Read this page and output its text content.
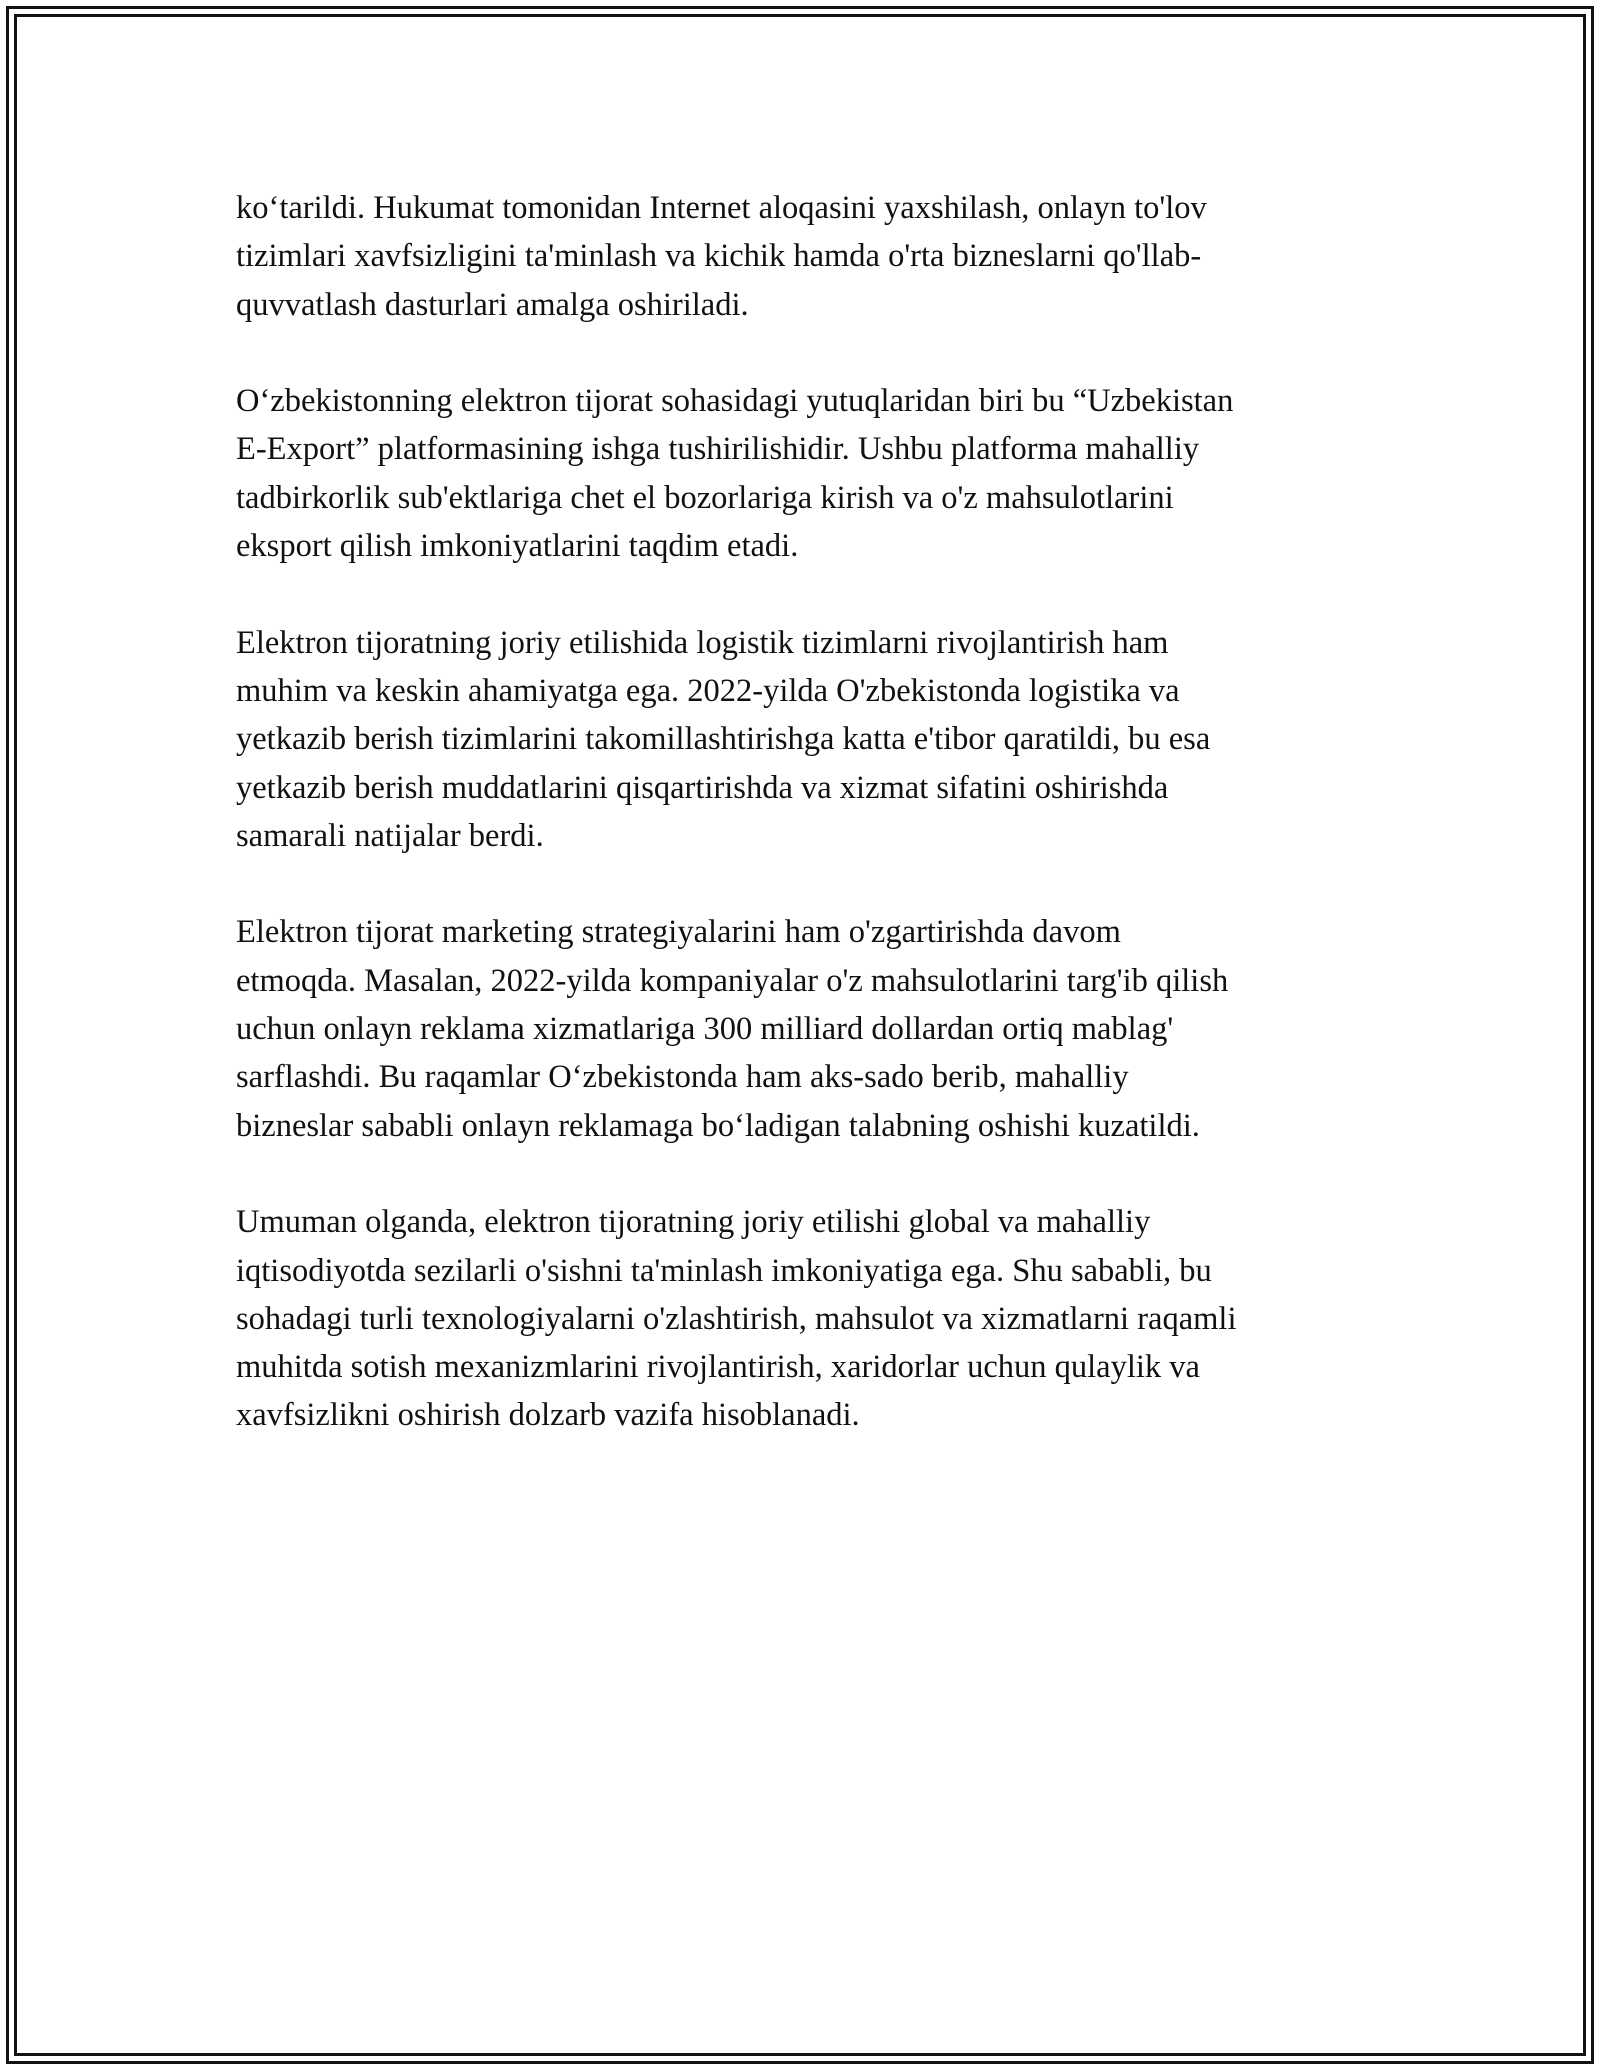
ko‘tarildi. Hukumat tomonidan Internet aloqasini yaxshilash, onlayn to'lov
tizimlari xavfsizligini ta'minlash va kichik hamda o'rta bizneslarni qo'llab-
quvvatlash dasturlari amalga oshiriladi.

O‘zbekistonning elektron tijorat sohasidagi yutuqlaridan biri bu “Uzbekistan
E-Export” platformasining ishga tushirilishidir. Ushbu platforma mahalliy
tadbirkorlik sub'ektlariga chet el bozorlariga kirish va o'z mahsulotlarini
eksport qilish imkoniyatlarini taqdim etadi.

Elektron tijoratning joriy etilishida logistik tizimlarni rivojlantirish ham
muhim va keskin ahamiyatga ega. 2022-yilda O'zbekistonda logistika va
yetkazib berish tizimlarini takomillashtirishga katta e'tibor qaratildi, bu esa
yetkazib berish muddatlarini qisqartirishda va xizmat sifatini oshirishda
samarali natijalar berdi.

Elektron tijorat marketing strategiyalarini ham o'zgartirishda davom
etmoqda. Masalan, 2022-yilda kompaniyalar o'z mahsulotlarini targ'ib qilish
uchun onlayn reklama xizmatlariga 300 milliard dollardan ortiq mablag'
sarflashdi. Bu raqamlar O‘zbekistonda ham aks-sado berib, mahalliy
bizneslar sababli onlayn reklamaga bo‘ladigan talabning oshishi kuzatildi.

Umuman olganda, elektron tijoratning joriy etilishi global va mahalliy
iqtisodiyotda sezilarli o'sishni ta'minlash imkoniyatiga ega. Shu sababli, bu
sohadagi turli texnologiyalarni o'zlashtirish, mahsulot va xizmatlarni raqamli
muhitda sotish mexanizmlarini rivojlantirish, xaridorlar uchun qulaylik va
xavfsizlikni oshirish dolzarb vazifa hisoblanadi.
